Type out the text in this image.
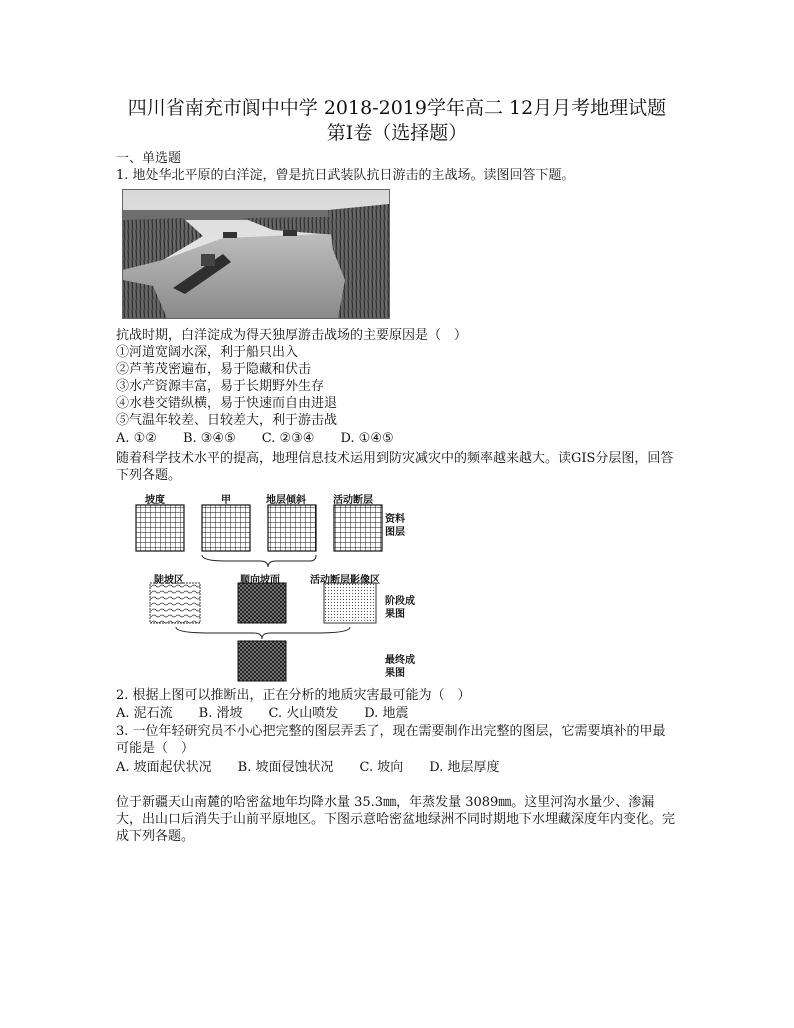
四川省南充市阆中中学 2018-2019学年高二 12月月考地理试题
第Ⅰ卷（选择题）
一、单选题
1. 地处华北平原的白洋淀，曾是抗日武装队抗日游击的主战场。读图回答下题。
抗战时期，白洋淀成为得天独厚游击战场的主要原因是（　）
①河道宽阔水深，利于船只出入
②芦苇茂密遍布，易于隐藏和伏击
③水产资源丰富，易于长期野外生存
④水巷交错纵横，易于快速而自由进退
⑤气温年较差、日较差大，利于游击战
A. ①②　　B. ③④⑤　　C. ②③④　　D. ①④⑤
随着科学技术水平的提高，地理信息技术运用到防灾减灾中的频率越来越大。读GIS分层图，回答下列各题。
坡度	甲	地层倾斜	活动断层
陡坡区	顺向坡面	活动断层影像区
资料
图层
阶段成
果图
最终成
果图
2. 根据上图可以推断出，正在分析的地质灾害最可能为（　）
A. 泥石流　　B. 滑坡　　C. 火山喷发　　D. 地震
3. 一位年轻研究员不小心把完整的图层弄丢了，现在需要制作出完整的图层，它需要填补的甲最可能是（　）
A. 坡面起伏状况　　B. 坡面侵蚀状况　　C. 坡向　　D. 地层厚度
位于新疆天山南麓的哈密盆地年均降水量 35.3㎜，年蒸发量 3089㎜。这里河沟水量少、渗漏大，出山口后消失于山前平原地区。下图示意哈密盆地绿洲不同时期地下水埋藏深度年内变化。完成下列各题。
